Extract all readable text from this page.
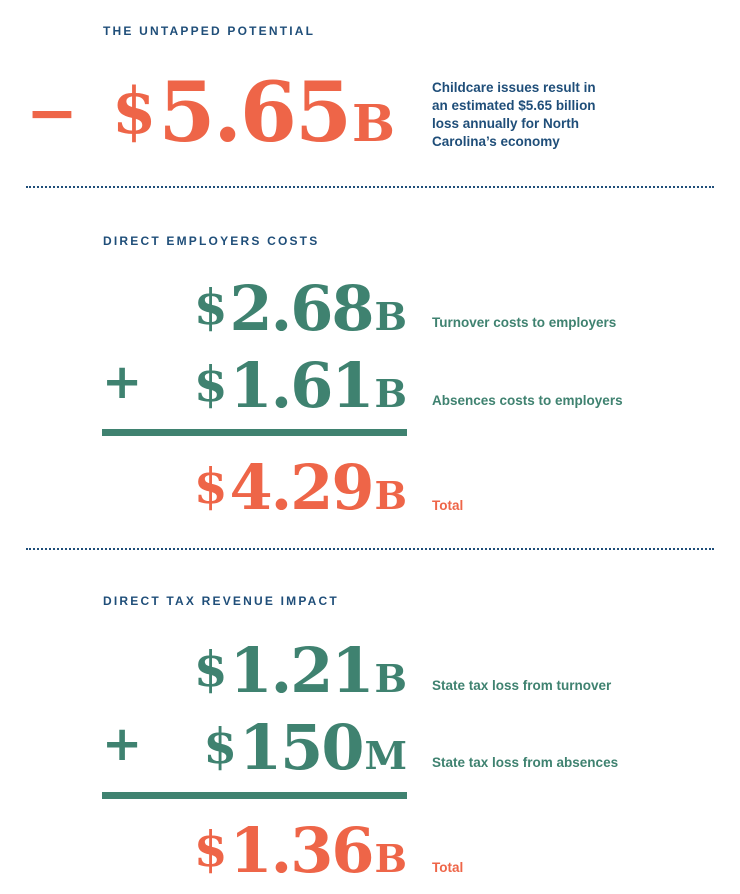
THE UNTAPPED POTENTIAL
− $5.65B
Childcare issues result in
an estimated $5.65 billion
loss annually for North
Carolina’s economy
DIRECT EMPLOYERS COSTS
$2.68B Turnover costs to employers
+ $1.61B Absences costs to employers
$4.29B Total
DIRECT TAX REVENUE IMPACT
$1.21B State tax loss from turnover
+ $150M State tax loss from absences
$1.36B Total
